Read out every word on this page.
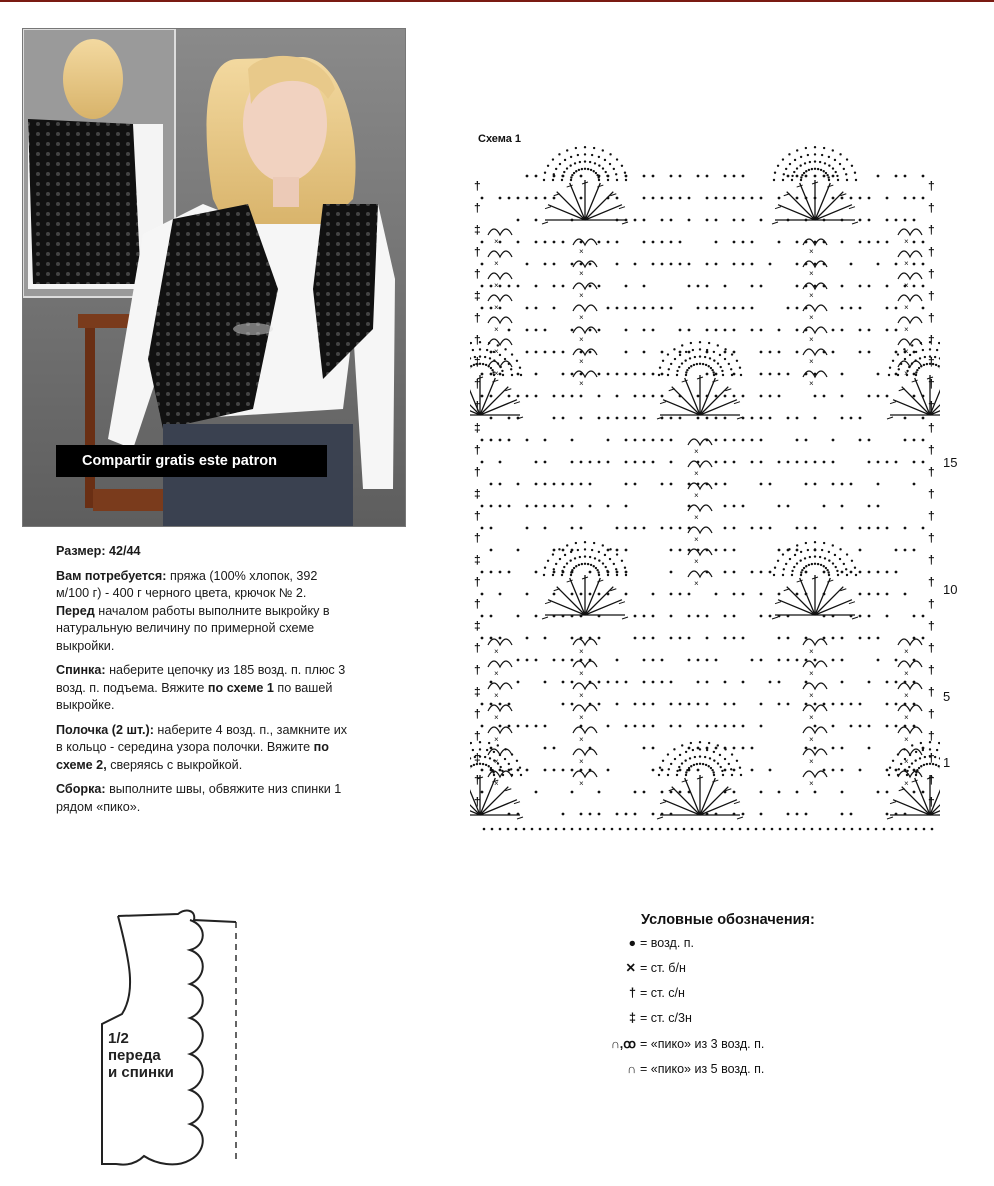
Compartir gratis este patron

Размер: 42/44

Вам потребуется: пряжа (100% хлопок, 392 м/100 г) - 400 г черного цвета, крючок № 2.
Перед началом работы выполните выкройку в натуральную величину по примерной схеме выкройки.

Спинка: наберите цепочку из 185 возд. п. плюс 3 возд. п. подъема. Вяжите по схеме 1 по вашей выкройке.

Полочка (2 шт.): наберите 4 возд. п., замкните их в кольцо - середина узора полочки. Вяжите по схеме 2, сверяясь с выкройкой.

Сборка: выполните швы, обвяжите низ спинки 1 рядом «пико».

Схема 1
×
×
×
×
×
×
×
×
×
×
×
×
×
×
×
×
×
×
×
×
×
×
×
×
×
×
×
×
×
×
×
×
×
×
×
×
×
×
×
×
×
×
×
×
×
×
×
×
×
×
×
×
×
×
×
×
×
×
×
×
×
×
×
†	†
†	†
‡	†
†	†
†	†
‡	†
†	†
†	†
‡	†
†	†
†	†
‡	†
†	†
†	†
‡	†
†	†
†	†
‡	†
†	†
†	†
‡	†
†	†
†	†
‡	†
†	†
†	†
‡	†
†	†
†	†
15
10
5
1
Условные обозначения:
● = возд. п.
✕ = ст. б/н
† = ст. с/н
‡ = ст. с/3н
∩,ꝏ = «пико» из 3 возд. п.
∩ = «пико» из 5 возд. п.
1/2
переда
и спинки
